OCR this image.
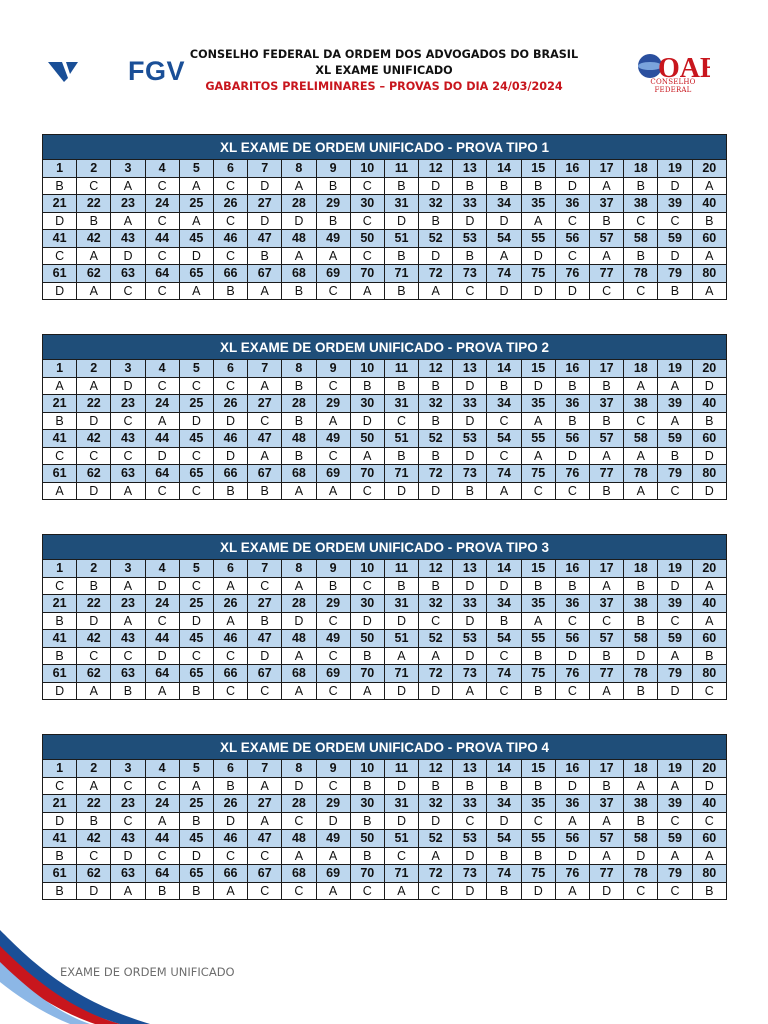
FGV
CONSELHO FEDERAL DA ORDEM DOS ADVOGADOS DO BRASIL
XL EXAME UNIFICADO
GABARITOS PRELIMINARES – PROVAS DO DIA 24/03/2024
OAB
CONSELHO FEDERAL
XL EXAME DE ORDEM UNIFICADO - PROVA TIPO 1																			
1	2	3	4	5	6	7	8	9	10	11	12	13	14	15	16	17	18	19	20
B	C	A	C	A	C	D	A	B	C	B	D	B	B	B	D	A	B	D	A
21	22	23	24	25	26	27	28	29	30	31	32	33	34	35	36	37	38	39	40
D	B	A	C	A	C	D	D	B	C	D	B	D	D	A	C	B	C	C	B
41	42	43	44	45	46	47	48	49	50	51	52	53	54	55	56	57	58	59	60
C	A	D	C	D	C	B	A	A	C	B	D	B	A	D	C	A	B	D	A
61	62	63	64	65	66	67	68	69	70	71	72	73	74	75	76	77	78	79	80
D	A	C	C	A	B	A	B	C	A	B	A	C	D	D	D	C	C	B	A
XL EXAME DE ORDEM UNIFICADO - PROVA TIPO 2																			
1	2	3	4	5	6	7	8	9	10	11	12	13	14	15	16	17	18	19	20
A	A	D	C	C	C	A	B	C	B	B	B	D	B	D	B	B	A	A	D
21	22	23	24	25	26	27	28	29	30	31	32	33	34	35	36	37	38	39	40
B	D	C	A	D	D	C	B	A	D	C	B	D	C	A	B	B	C	A	B
41	42	43	44	45	46	47	48	49	50	51	52	53	54	55	56	57	58	59	60
C	C	C	D	C	D	A	B	C	A	B	B	D	C	A	D	A	A	B	D
61	62	63	64	65	66	67	68	69	70	71	72	73	74	75	76	77	78	79	80
A	D	A	C	C	B	B	A	A	C	D	D	B	A	C	C	B	A	C	D
XL EXAME DE ORDEM UNIFICADO - PROVA TIPO 3																			
1	2	3	4	5	6	7	8	9	10	11	12	13	14	15	16	17	18	19	20
C	B	A	D	C	A	C	A	B	C	B	B	D	D	B	B	A	B	D	A
21	22	23	24	25	26	27	28	29	30	31	32	33	34	35	36	37	38	39	40
B	D	A	C	D	A	B	D	C	D	D	C	D	B	A	C	C	B	C	A
41	42	43	44	45	46	47	48	49	50	51	52	53	54	55	56	57	58	59	60
B	C	C	D	C	C	D	A	C	B	A	A	D	C	B	D	B	D	A	B
61	62	63	64	65	66	67	68	69	70	71	72	73	74	75	76	77	78	79	80
D	A	B	A	B	C	C	A	C	A	D	D	A	C	B	C	A	B	D	C
XL EXAME DE ORDEM UNIFICADO - PROVA TIPO 4																			
1	2	3	4	5	6	7	8	9	10	11	12	13	14	15	16	17	18	19	20
C	A	C	C	A	B	A	D	C	B	D	B	B	B	B	D	B	A	A	D
21	22	23	24	25	26	27	28	29	30	31	32	33	34	35	36	37	38	39	40
D	B	C	A	B	D	A	C	D	B	D	D	C	D	C	A	A	B	C	C
41	42	43	44	45	46	47	48	49	50	51	52	53	54	55	56	57	58	59	60
B	C	D	C	D	C	C	A	A	B	C	A	D	B	B	D	A	D	A	A
61	62	63	64	65	66	67	68	69	70	71	72	73	74	75	76	77	78	79	80
B	D	A	B	B	A	C	C	A	C	A	C	D	B	D	A	D	C	C	B
EXAME DE ORDEM UNIFICADO
